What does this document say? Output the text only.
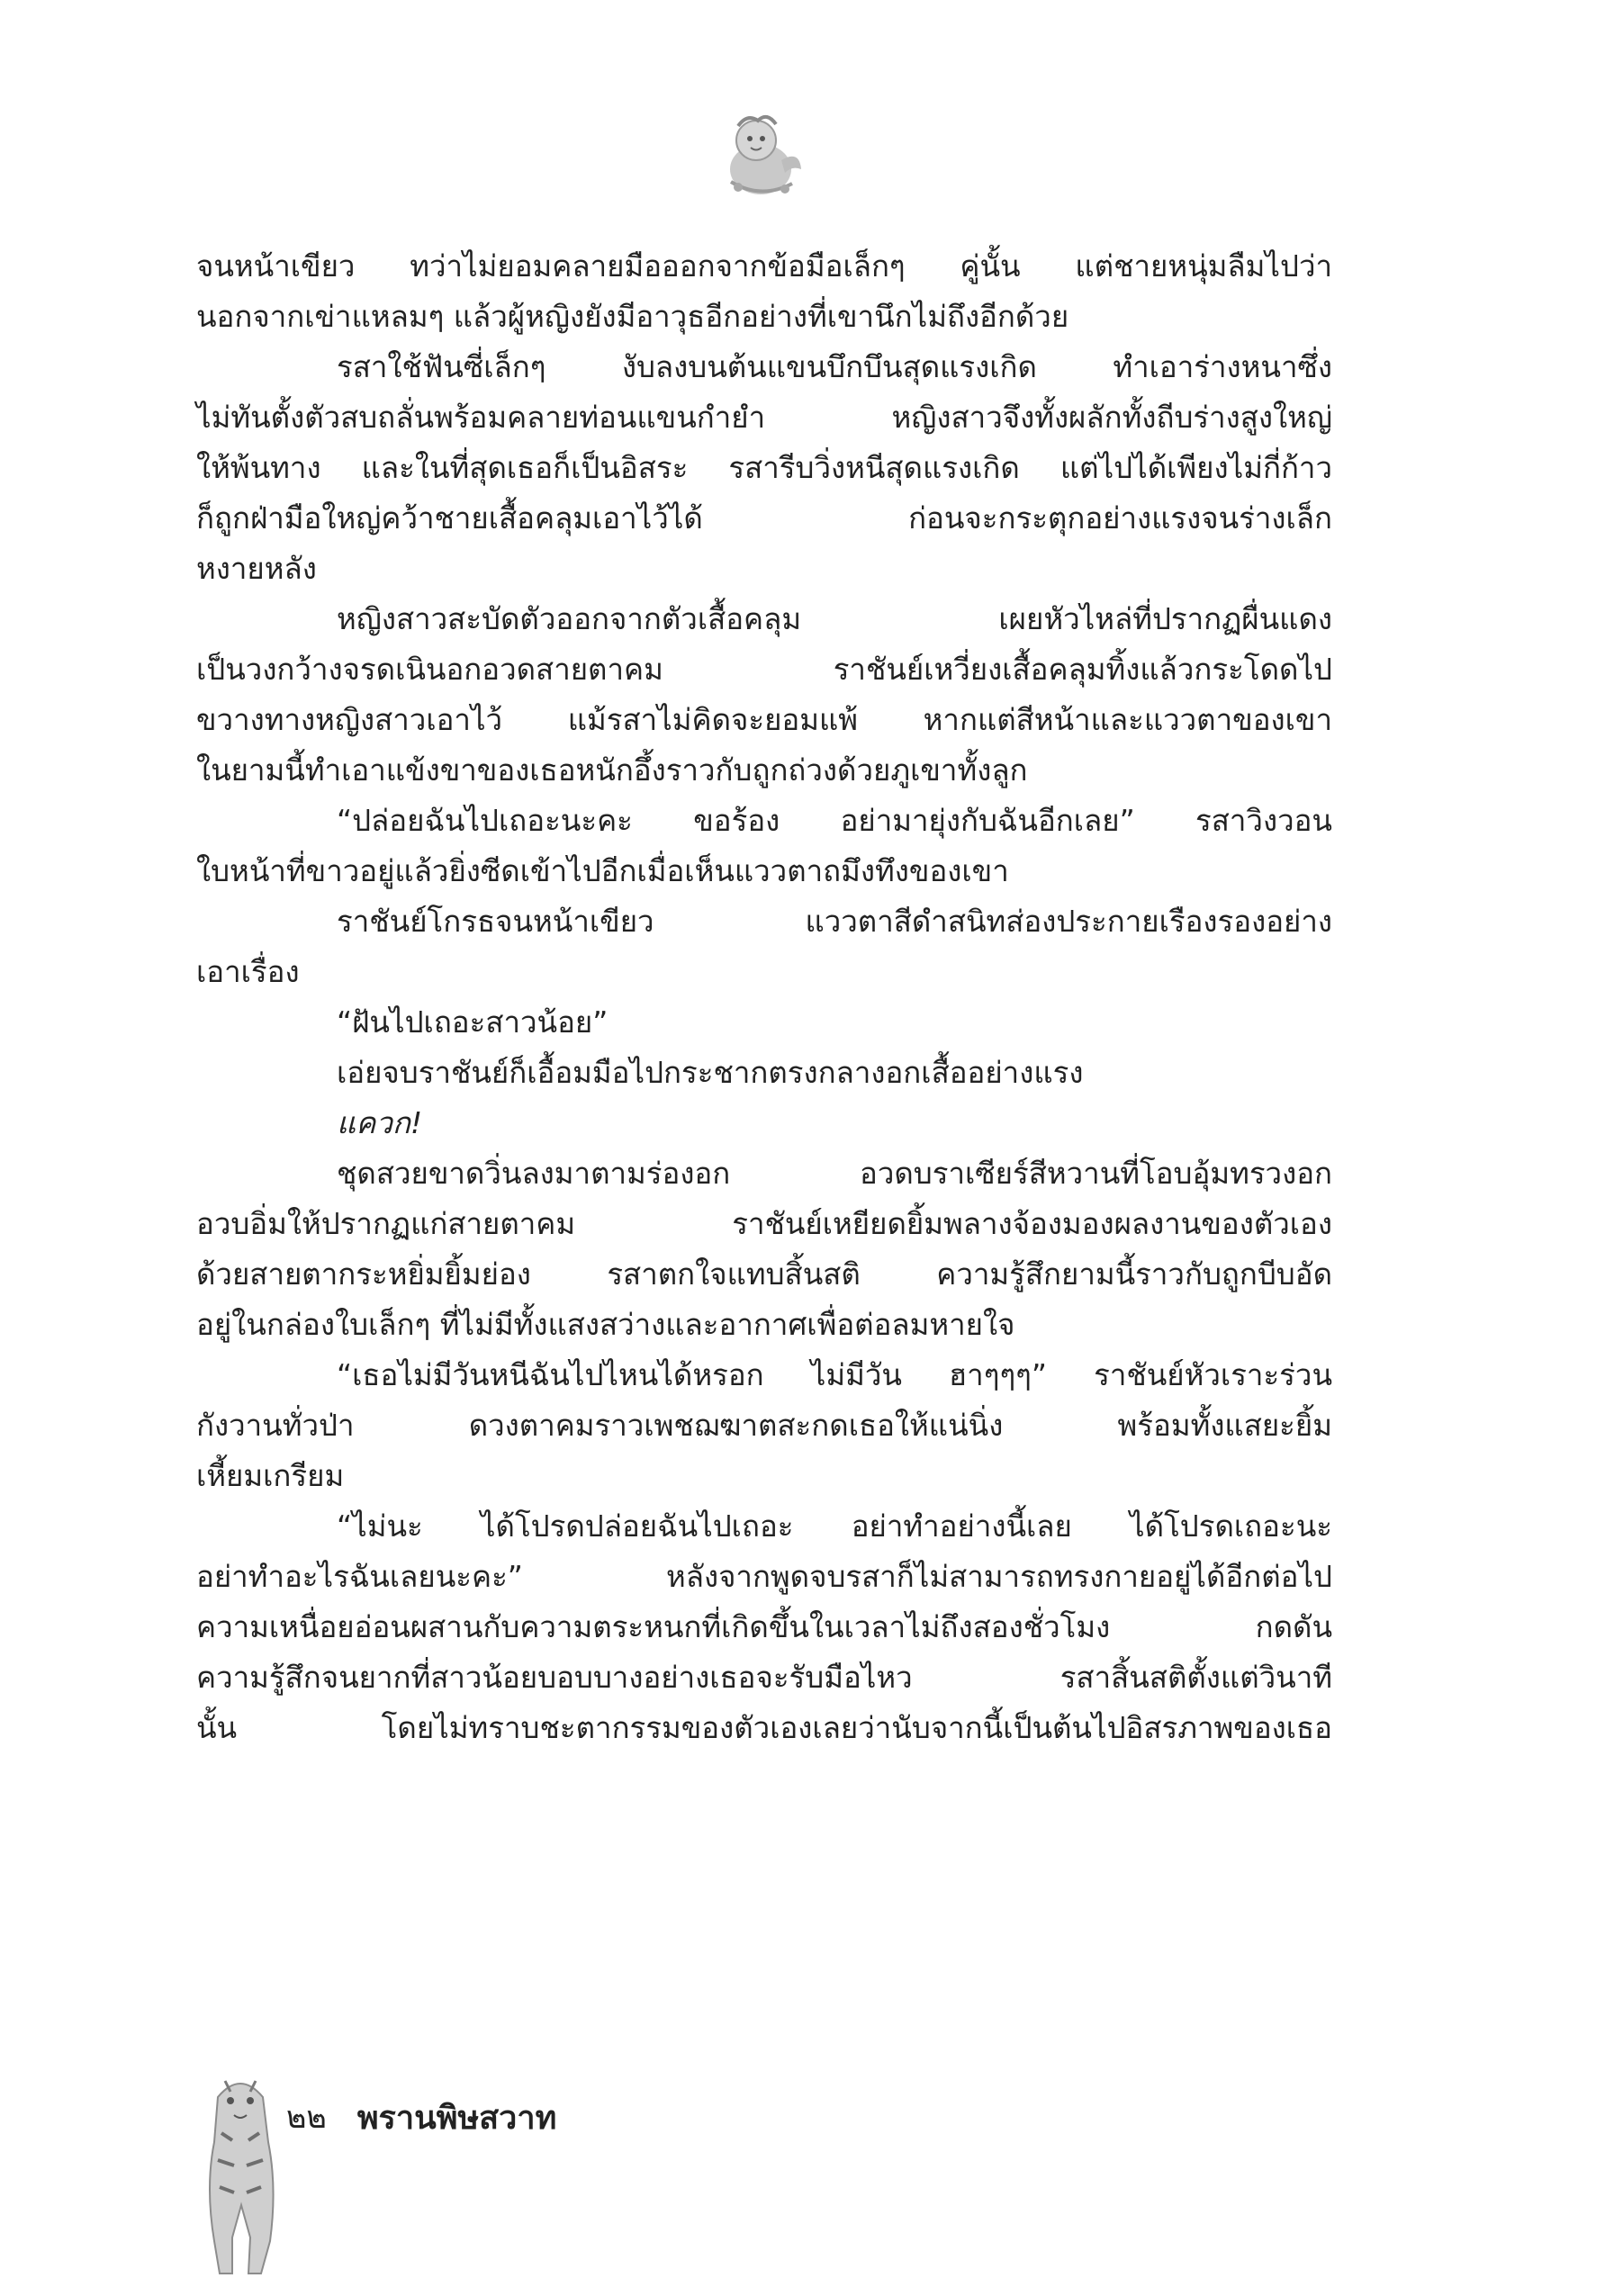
จนหน้าเขียว ทว่าไม่ยอมคลายมือออกจากข้อมือเล็กๆ คู่นั้น แต่ชายหนุ่มลืมไปว่า
นอกจากเข่าแหลมๆ แล้วผู้หญิงยังมีอาวุธอีกอย่างที่เขานึกไม่ถึงอีกด้วย
รสาใช้ฟันซี่เล็กๆ งับลงบนต้นแขนบึกบึนสุดแรงเกิด ทำเอาร่างหนาซึ่ง
ไม่ทันตั้งตัวสบถลั่นพร้อมคลายท่อนแขนกำยำ หญิงสาวจึงทั้งผลักทั้งถีบร่างสูงใหญ่
ให้พ้นทาง และในที่สุดเธอก็เป็นอิสระ รสารีบวิ่งหนีสุดแรงเกิด แต่ไปได้เพียงไม่กี่ก้าว
ก็ถูกฝ่ามือใหญ่คว้าชายเสื้อคลุมเอาไว้ได้ ก่อนจะกระตุกอย่างแรงจนร่างเล็ก
หงายหลัง
หญิงสาวสะบัดตัวออกจากตัวเสื้อคลุม เผยหัวไหล่ที่ปรากฏผื่นแดง
เป็นวงกว้างจรดเนินอกอวดสายตาคม ราชันย์เหวี่ยงเสื้อคลุมทิ้งแล้วกระโดดไป
ขวางทางหญิงสาวเอาไว้ แม้รสาไม่คิดจะยอมแพ้ หากแต่สีหน้าและแววตาของเขา
ในยามนี้ทำเอาแข้งขาของเธอหนักอึ้งราวกับถูกถ่วงด้วยภูเขาทั้งลูก
“ปล่อยฉันไปเถอะนะคะ ขอร้อง อย่ามายุ่งกับฉันอีกเลย” รสาวิงวอน
ใบหน้าที่ขาวอยู่แล้วยิ่งซีดเข้าไปอีกเมื่อเห็นแววตาถมึงทึงของเขา
ราชันย์โกรธจนหน้าเขียว แววตาสีดำสนิทส่องประกายเรืองรองอย่าง
เอาเรื่อง
“ฝันไปเถอะสาวน้อย”
เอ่ยจบราชันย์ก็เอื้อมมือไปกระชากตรงกลางอกเสื้ออย่างแรง
แควก!
ชุดสวยขาดวิ่นลงมาตามร่องอก อวดบราเซียร์สีหวานที่โอบอุ้มทรวงอก
อวบอิ่มให้ปรากฏแก่สายตาคม ราชันย์เหยียดยิ้มพลางจ้องมองผลงานของตัวเอง
ด้วยสายตากระหยิ่มยิ้มย่อง รสาตกใจแทบสิ้นสติ ความรู้สึกยามนี้ราวกับถูกบีบอัด
อยู่ในกล่องใบเล็กๆ ที่ไม่มีทั้งแสงสว่างและอากาศเพื่อต่อลมหายใจ
“เธอไม่มีวันหนีฉันไปไหนได้หรอก ไม่มีวัน ฮาๆๆๆ” ราชันย์หัวเราะร่วน
กังวานทั่วป่า ดวงตาคมราวเพชฌฆาตสะกดเธอให้แน่นิ่ง พร้อมทั้งแสยะยิ้ม
เหี้ยมเกรียม
“ไม่นะ ได้โปรดปล่อยฉันไปเถอะ อย่าทำอย่างนี้เลย ได้โปรดเถอะนะ
อย่าทำอะไรฉันเลยนะคะ” หลังจากพูดจบรสาก็ไม่สามารถทรงกายอยู่ได้อีกต่อไป
ความเหนื่อยอ่อนผสานกับความตระหนกที่เกิดขึ้นในเวลาไม่ถึงสองชั่วโมง กดดัน
ความรู้สึกจนยากที่สาวน้อยบอบบางอย่างเธอจะรับมือไหว รสาสิ้นสติตั้งแต่วินาที
นั้น โดยไม่ทราบชะตากรรมของตัวเองเลยว่านับจากนี้เป็นต้นไปอิสรภาพของเธอ
๒๒ พรานพิษสวาท
